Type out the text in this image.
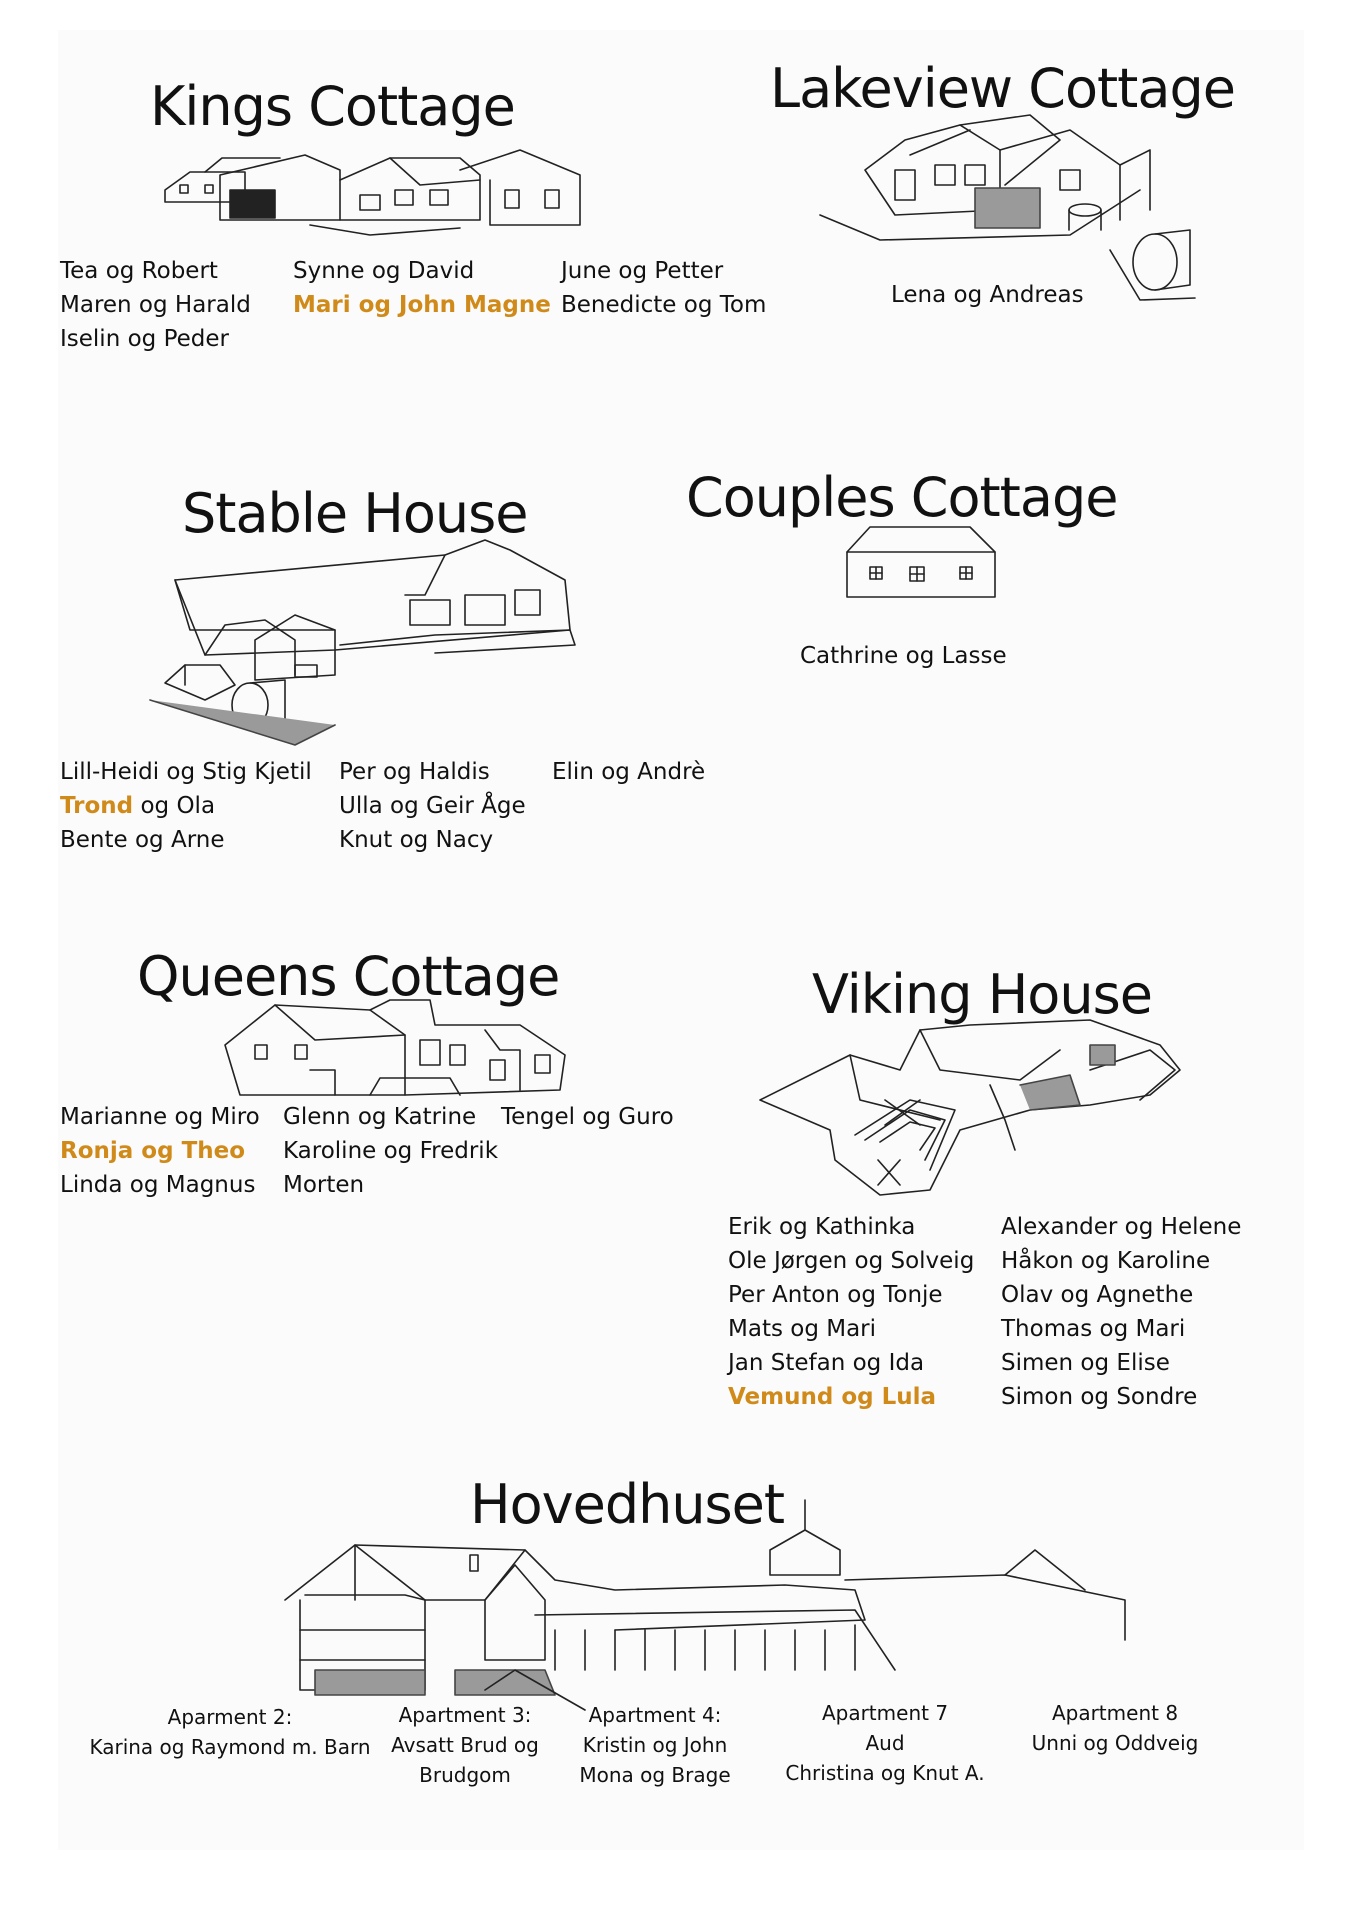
Kings Cottage
Tea og Robert
Maren og Harald
Iselin og Peder
Synne og David
Mari og John Magne
June og Petter
Benedicte og Tom
Lakeview Cottage
Lena og Andreas
Stable House
Lill-Heidi og Stig Kjetil
Trond og Ola
Bente og Arne
Per og Haldis
Ulla og Geir Åge
Knut og Nacy
Elin og Andrè
Couples Cottage
Cathrine og Lasse
Queens Cottage
Marianne og Miro
Ronja og Theo
Linda og Magnus
Glenn og Katrine
Karoline og Fredrik
Morten
Tengel og Guro
Viking House
Erik og Kathinka
Ole Jørgen og Solveig
Per Anton og Tonje
Mats og Mari
Jan Stefan og Ida
Vemund og Lula
Alexander og Helene
Håkon og Karoline
Olav og Agnethe
Thomas og Mari
Simen og Elise
Simon og Sondre
Hovedhuset
Aparment 2:
Karina og Raymond m. Barn
Apartment 3:
Avsatt Brud og
Brudgom
Apartment 4:
Kristin og John
Mona og Brage
Apartment 7
Aud
Christina og Knut A.
Apartment 8
Unni og Oddveig
